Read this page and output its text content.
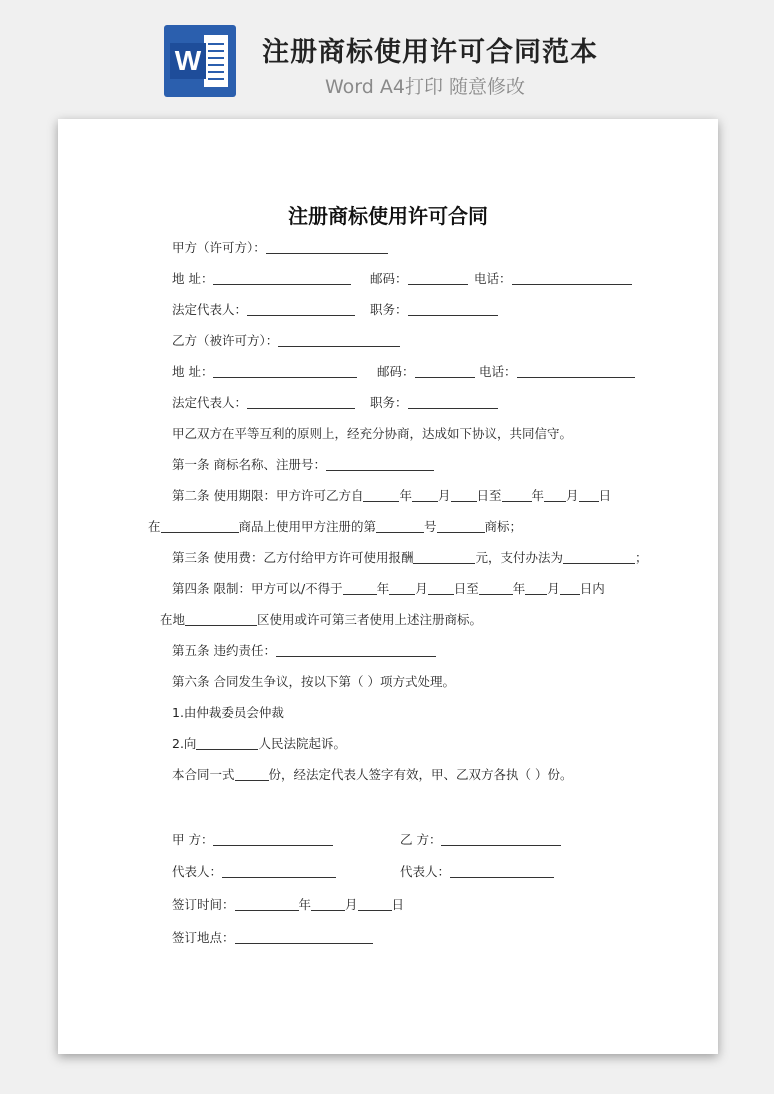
W 注册商标使用许可合同范本
Word A4打印 随意修改
注册商标使用许可合同
甲方（许可方）：
地 址：	邮码：	电话：
法定代表人：	职务：
乙方（被许可方）：
地 址：	邮码：	电话：
法定代表人：	职务：
甲乙双方在平等互利的原则上，经充分协商，达成如下协议，共同信守。
第一条 商标名称、注册号：
第二条 使用期限：甲方许可乙方自	年 月 日至 年 月 日
在	商品上使用甲方注册的第	号	商标；
第三条 使用费：乙方付给甲方许可使用报酬	元，支付办法为	；
第四条 限制：甲方可以/不得于	年 月 日至	年 月 日内
在地	区使用或许可第三者使用上述注册商标。
第五条 违约责任：
第六条 合同发生争议，按以下第（ ）项方式处理。
1.由仲裁委员会仲裁
2.向	人民法院起诉。
本合同一式	份，经法定代表人签字有效，甲、乙双方各执（ ）份。
甲 方：	乙 方：
代表人：	代表人：
签订时间：	年	月	日
签订地点：
